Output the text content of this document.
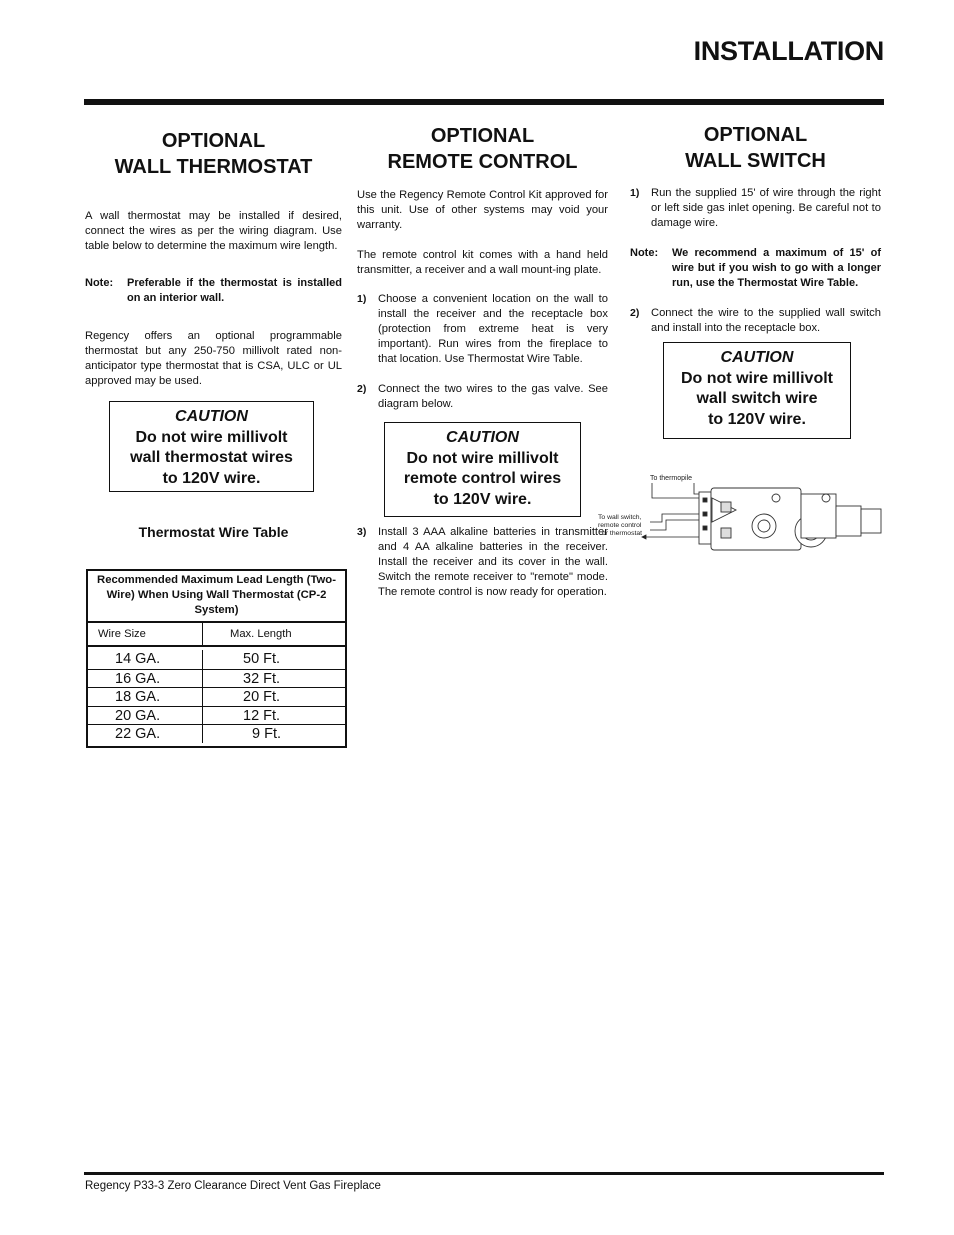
INSTALLATION
OPTIONAL
WALL THERMOSTAT

A wall thermostat may be installed if desired, connect the wires as per the wiring diagram. Use table below to determine the maximum wire length.

Note:	Preferable if the thermostat is installed on an interior wall.

Regency offers an optional programmable thermostat but any 250-750 millivolt rated non-anticipator type thermostat that is CSA, ULC or UL approved may be used.

CAUTION
Do not wire millivolt
wall thermostat wires
to 120V wire.
Thermostat Wire Table
Recommended Maximum Lead Length (Two-Wire) When Using Wall Thermostat (CP-2 System)
Wire Size	Max. Length
14 GA.	50 Ft.
16 GA.	32 Ft.
18 GA.	20 Ft.
20 GA.	12 Ft.
22 GA.	9 Ft.
OPTIONAL
REMOTE CONTROL

Use the Regency Remote Control Kit approved for this unit. Use of other systems may void your warranty.

The remote control kit comes with a hand held transmitter, a receiver and a wall mount-ing plate.

1)	Choose a convenient location on the wall to install the receiver and the receptacle box (protection from extreme heat is very important). Run wires from the fireplace to that location. Use Thermostat Wire Table.
2)	Connect the two wires to the gas valve. See diagram below.
CAUTION
Do not wire millivolt
remote control wires
to 120V wire.
3)	Install 3 AAA alkaline batteries in transmitter and 4 AA alkaline batteries in the receiver. Install the receiver and its cover in the wall. Switch the remote receiver to "remote" mode. The remote control is now ready for operation.
OPTIONAL
WALL SWITCH
1)	Run the supplied 15' of wire through the right or left side gas inlet opening. Be careful not to damage wire.
Note:	We recommend a maximum of 15' of wire but if you wish to go with a longer run, use the Thermostat Wire Table.
2)	Connect the wire to the supplied wall switch and install into the receptacle box.
CAUTION
Do not wire millivolt
wall switch wire
to 120V wire.
To thermopile
To wall switch,
remote control
or thermostat
Regency P33-3 Zero Clearance Direct Vent Gas Fireplace
